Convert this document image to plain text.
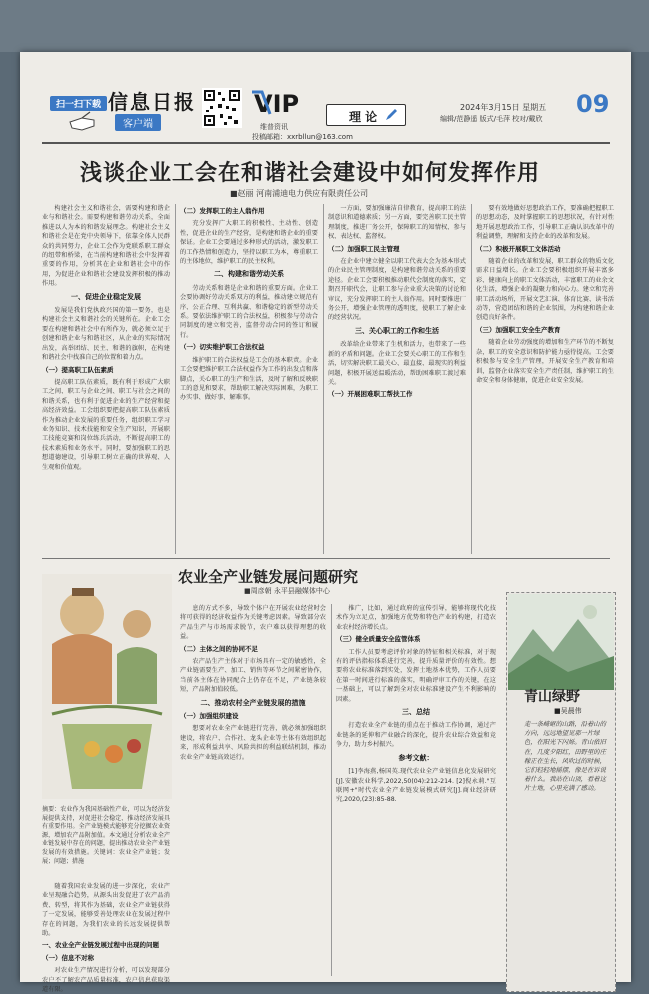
扫一扫下载 信息日报
客户端
VIP
维普资讯
投稿邮箱：xxrbllun@163.com
理 论
2024年3月15日 星期五
编辑/范静遥 版式/毛萍 校对/戴欣
09
浅谈企业工会在和谐社会建设中如何发挥作用
■赵丽 河南浦迪电力供应有限责任公司

构建社会主义和谐社会，需要构建和谐企业与和谐社会。需要构建和谐劳动关系，全面推进以人为本的和谐发展理念。构建社会主义和谐社会是在党中央领导下，依靠全体人民群众的共同努力，企业工会作为党联系职工群众的纽带和桥梁，在当前构建和谐社会中发挥着重要的作用，分析其在企业和谐社会中的作用，为促进企业和谐社会建设发挥积极的推动作用。

一、促进企业稳定发展

发展是我们党执政兴国的第一要务，也是构建社会主义和谐社会的关键所在。企业工会要在构建和谐社会中有所作为，就必须立足于创建和谐企业与和谐社区，从企业的实际情况出发，高举团结、民主、和谐的旗帜，在构建和谐社会中找准自己的位置和着力点。

（一）提高职工队伍素质

提高职工队伍素质，既有利于形成广大职工之间、职工与企业之间、职工与社会之间的和谐关系，也有利于促进企业的生产经营和提高经济效益。工会组织要把提高职工队伍素质作为推动企业发展的重要任务，组织职工学习业务知识、技术技能和安全生产知识，开展职工技能竞赛和岗位练兵活动，不断提高职工的技术素质和业务水平。同时，要加强职工的思想道德建设，引导职工树立正确的世界观、人生观和价值观。

（二）发挥职工的主人翁作用

充分发挥广大职工的积极性、主动性、创造性，促进企业的生产经营，是构建和谐企业的重要保证。企业工会要通过多种形式的活动，激发职工的工作热情和创造力，坚持以职工为本，尊重职工的主体地位，维护职工的民主权利。

二、构建和谐劳动关系

劳动关系和谐是企业和谐的重要方面。企业工会要协调好劳动关系双方的利益，推动建立规范有序、公正合理、互利共赢、和谐稳定的新型劳动关系。要依法维护职工的合法权益，积极参与劳动合同制度的建立和完善，监督劳动合同的签订和履行。

（一）切实维护职工合法权益

维护职工的合法权益是工会的基本职责。企业工会要把维护职工合法权益作为工作的出发点和落脚点，关心职工的生产和生活，及时了解和反映职工的意见和要求，帮助职工解决实际困难，为职工办实事、做好事、解难事。

一方面，要加强廉洁自律教育，提高职工的法制意识和道德素质；另一方面，要完善职工民主管理制度，推进厂务公开，保障职工的知情权、参与权、表达权、监督权。

（二）加强职工民主管理

在企业中建立健全以职工代表大会为基本形式的企业民主管理制度，是构建和谐劳动关系的重要途径。企业工会要积极推动职代会制度的落实，定期召开职代会，让职工参与企业重大决策的讨论和审议，充分发挥职工的主人翁作用。同时要推进厂务公开，增强企业管理的透明度，使职工了解企业的经营状况。

三、关心职工的工作和生活

改革给企业带来了生机和活力，也带来了一些新的矛盾和问题。企业工会要关心职工的工作和生活，切实解决职工最关心、最直接、最现实的利益问题，积极开展送温暖活动，帮助困难职工渡过难关。

（一）开展困难职工帮扶工作

要有效地做好思想政治工作，要准确把握职工的思想动态，及时掌握职工的思想状况，有针对性地开展思想政治工作，引导职工正确认识改革中的利益调整，理解和支持企业的改革和发展。

（二）积极开展职工文体活动

随着企业的改革和发展，职工群众的物质文化需求日益增长。企业工会要积极组织开展丰富多彩、健康向上的职工文体活动，丰富职工的业余文化生活，增强企业的凝聚力和向心力。建立和完善职工活动场所，开展文艺汇演、体育比赛、读书活动等，营造团结和谐的企业氛围，为构建和谐企业创造良好条件。

（三）加强职工安全生产教育

随着企业劳动强度的增加和生产环节的不断复杂，职工的安全意识和防护能力亟待提高。工会要积极参与安全生产管理，开展安全生产教育和培训，监督企业落实安全生产责任制，维护职工的生命安全和身体健康，促进企业安全发展。

农业全产业链发展问题研究
■周彦朝 永平县融媒体中心

摘要：农业作为我国基础性产业，可以为经济发展提供支持，对促进社会稳定、推动经济发展具有重要作用。全产业链模式能够充分挖掘农业资源，增加农产品附加值。本文通过分析农业全产业链发展中存在的问题，提出推动农业全产业链发展的有效措施。关键词：农业全产业链；发展；问题；措施

随着我国农业发展的进一步深化，农业产业呈现融合趋势，从源头出发促进了农产品消费、转型，将其作为基础，农业全产业链获得了一定发展，能够妥善处理农业在发展过程中存在的问题，为我们农业的长远发展提供帮助。

一、农业全产业链发展过程中出现的问题
（一）信息不对称

对农业生产情况进行分析，可以发现部分农户不了解农产品质量标准，农户信息获取渠道有限。

息的方式不多，导致个体户在开展农业经营时会将可获得的经济收益作为关键考虑因素。导致部分农产品生产与市场需求脱节，农户难以获得理想的收益。

（二）主体之间的协同不足

农产品生产主体对于市场具有一定的敏感性，全产业链需要生产、加工、销售等环节之间紧密协作，当前各主体在协同配合上仍存在不足，产业链条较短，产品附加值较低。

二、推动农村全产业链发展的措施
（一）加强组织建设

想要对农业全产业链进行完善，就必须加强组织建设，将农户、合作社、龙头企业等主体有效组织起来，形成利益共享、风险共担的利益联结机制，推动农业全产业链高效运行。

推广，比如，通过政府的宣传引导，能够将现代化技术作为立足点，加强地方优势和特色产业的构建，打造农业农村经济增长点。

（三）健全质量安全监管体系

工作人员要考虑评价对象的特征和相关标准，对于现有的评估指标体系进行完善，提升质量评价的有效性。想要将农业标准落到实处，发挥土地基本优势，工作人员要在第一时间进行标准的落实，明确评审工作的关键，在这一基础上，可以了解到全对农业标准建设产生不利影响的因素。

三、总结

打造农业全产业链的重点在于推动工作协调，通过产业链条的延伸和产业融合的深化，提升农业综合效益和竞争力，助力乡村振兴。

参考文献：

[1]李海燕,杨国英.现代农业全产业链信息化发展研究[J].安徽农业科学,2022,50(04):212-214. [2]倪永莉."互联网+"时代农业全产业链发展模式研究[J].商业经济研究,2020,(23):85-88.

青山绿野
■吴晨伟
走一条崎岖的山路，沿着山的方向，远远地望见那一片绿色，在阳光下闪烁。青山依旧在，几度夕阳红，田野里的庄稼正在生长，风吹过的时候，它们轻轻地摇摆，像是在诉说着什么。我站在山顶，看着这片土地，心里充满了感动。
